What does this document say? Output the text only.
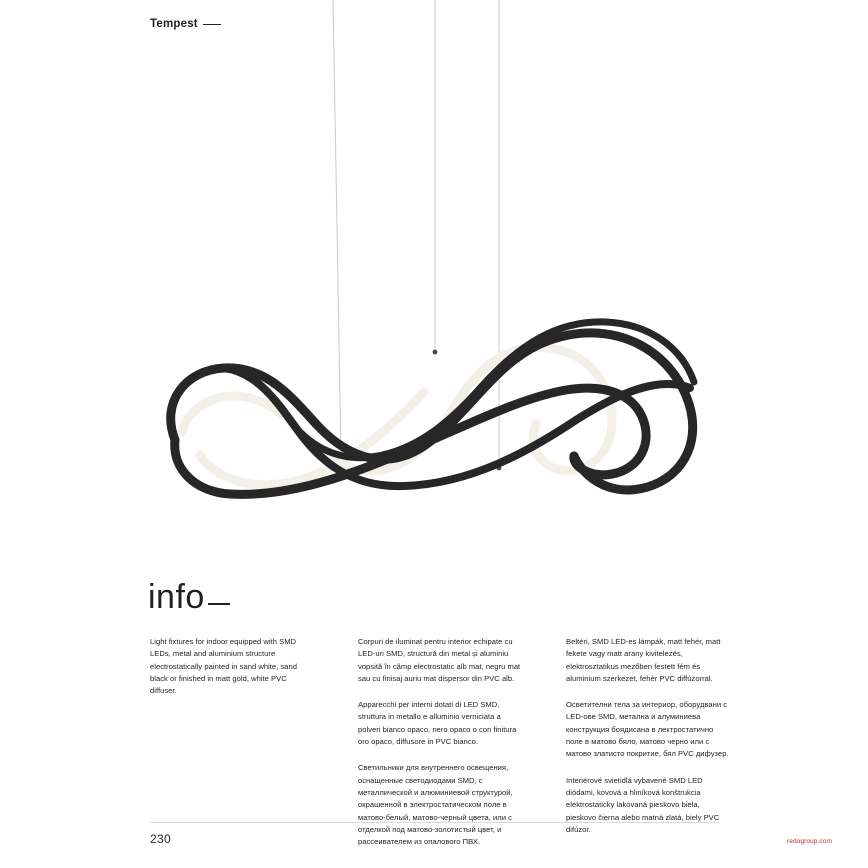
Tempest
info

Light fixtures for indoor equipped with SMD LEDs, metal and aluminium structure electrostatically painted in sand white, sand black or finished in matt gold, white PVC diffuser.

Corpuri de iluminat pentru interior echipate cu LED-uri SMD, structură din metal și aluminiu vopsită în câmp electrostatic alb mat, negru mat sau cu finisaj auriu mat dispersor din PVC alb.

Apparecchi per interni dotati di LED SMD, struttura in metallo e alluminio verniciata a polveri bianco opaco, nero opaco o con finitura oro opaco, diffusore in PVC bianco.

Светильники для внутреннего освещения, оснащенные светодиодами SMD, с металлической и алюминиевой структурой, окрашенной в электростатическом поле в матово-белый, матово-черный цвета, или с отделкой под матово-золотистый цвет, и рассеивателем из опалового ПВХ.

Beltéri, SMD LED-es lámpák, matt fehér, matt fekete vagy matt arany kivitelezés, elektrosztatikus mezőben festett fém és aluminium szerkezet, fehér PVC diffúzorral.

Осветителни тела за интериор, оборудвани с LED-ове SMD, метална и алуминиева конструкция боядисана в лектростатично поле в матово бяло, матово черно или с матово златисто покритие, бял PVC дифузер.

Interiérové svietidlá vybavené SMD LED diódami, kovová a hliníková konštrukcia elektrostaticky lakovaná pieskovo biela, pieskovo čierna alebo matná zlatá, biely PVC difúzor.

230	redogroup.com
